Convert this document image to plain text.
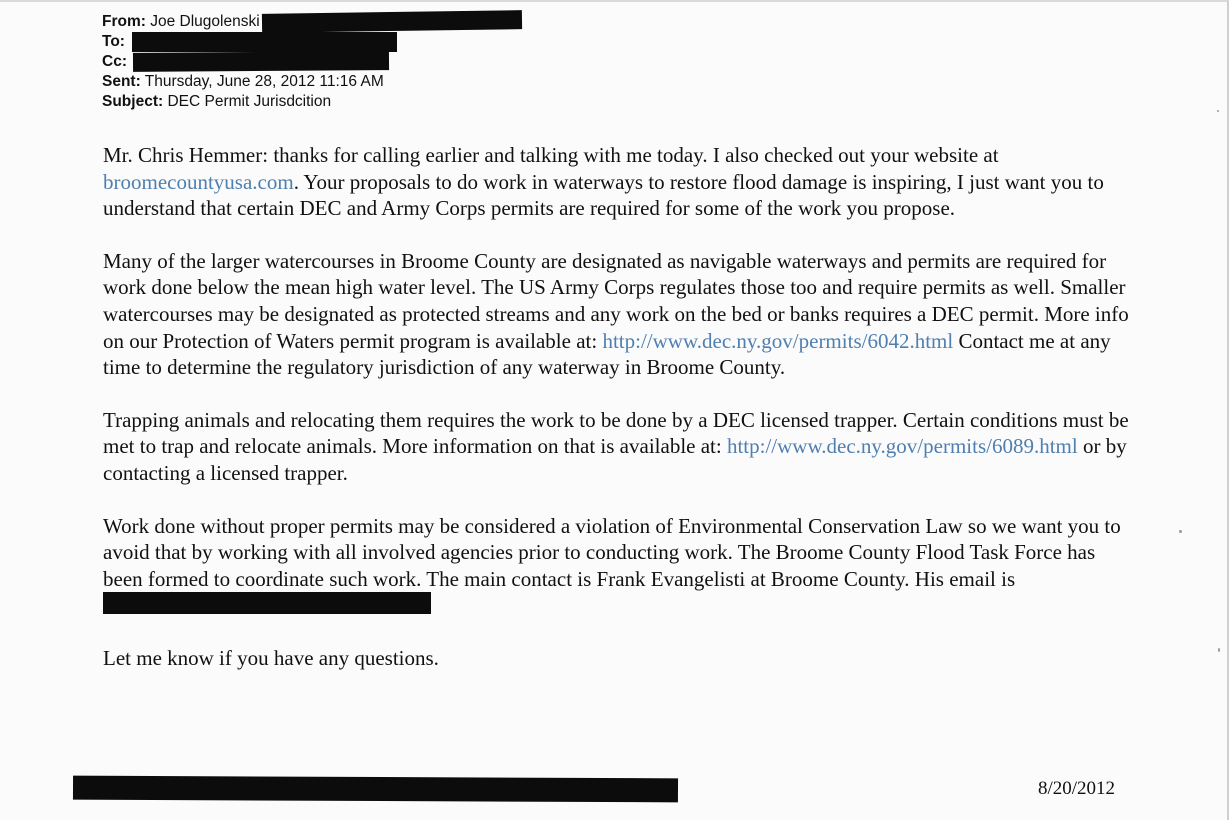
From: Joe Dlugolenski
To:
Cc:
Sent: Thursday, June 28, 2012 11:16 AM
Subject: DEC Permit Jurisdcition

Mr. Chris Hemmer: thanks for calling earlier and talking with me today. I also checked out your website at broomecountyusa.com. Your proposals to do work in waterways to restore flood damage is inspiring, I just want you to understand that certain DEC and Army Corps permits are required for some of the work you propose.

Many of the larger watercourses in Broome County are designated as navigable waterways and permits are required for work done below the mean high water level. The US Army Corps regulates those too and require permits as well. Smaller watercourses may be designated as protected streams and any work on the bed or banks requires a DEC permit. More info on our Protection of Waters permit program is available at: http://www.dec.ny.gov/permits/6042.html Contact me at any time to determine the regulatory jurisdiction of any waterway in Broome County.

Trapping animals and relocating them requires the work to be done by a DEC licensed trapper. Certain conditions must be met to trap and relocate animals. More information on that is available at: http://www.dec.ny.gov/permits/6089.html or by contacting a licensed trapper.

Work done without proper permits may be considered a violation of Environmental Conservation Law so we want you to avoid that by working with all involved agencies prior to conducting work. The Broome County Flood Task Force has been formed to coordinate such work. The main contact is Frank Evangelisti at Broome County. His email is

Let me know if you have any questions.

8/20/2012
